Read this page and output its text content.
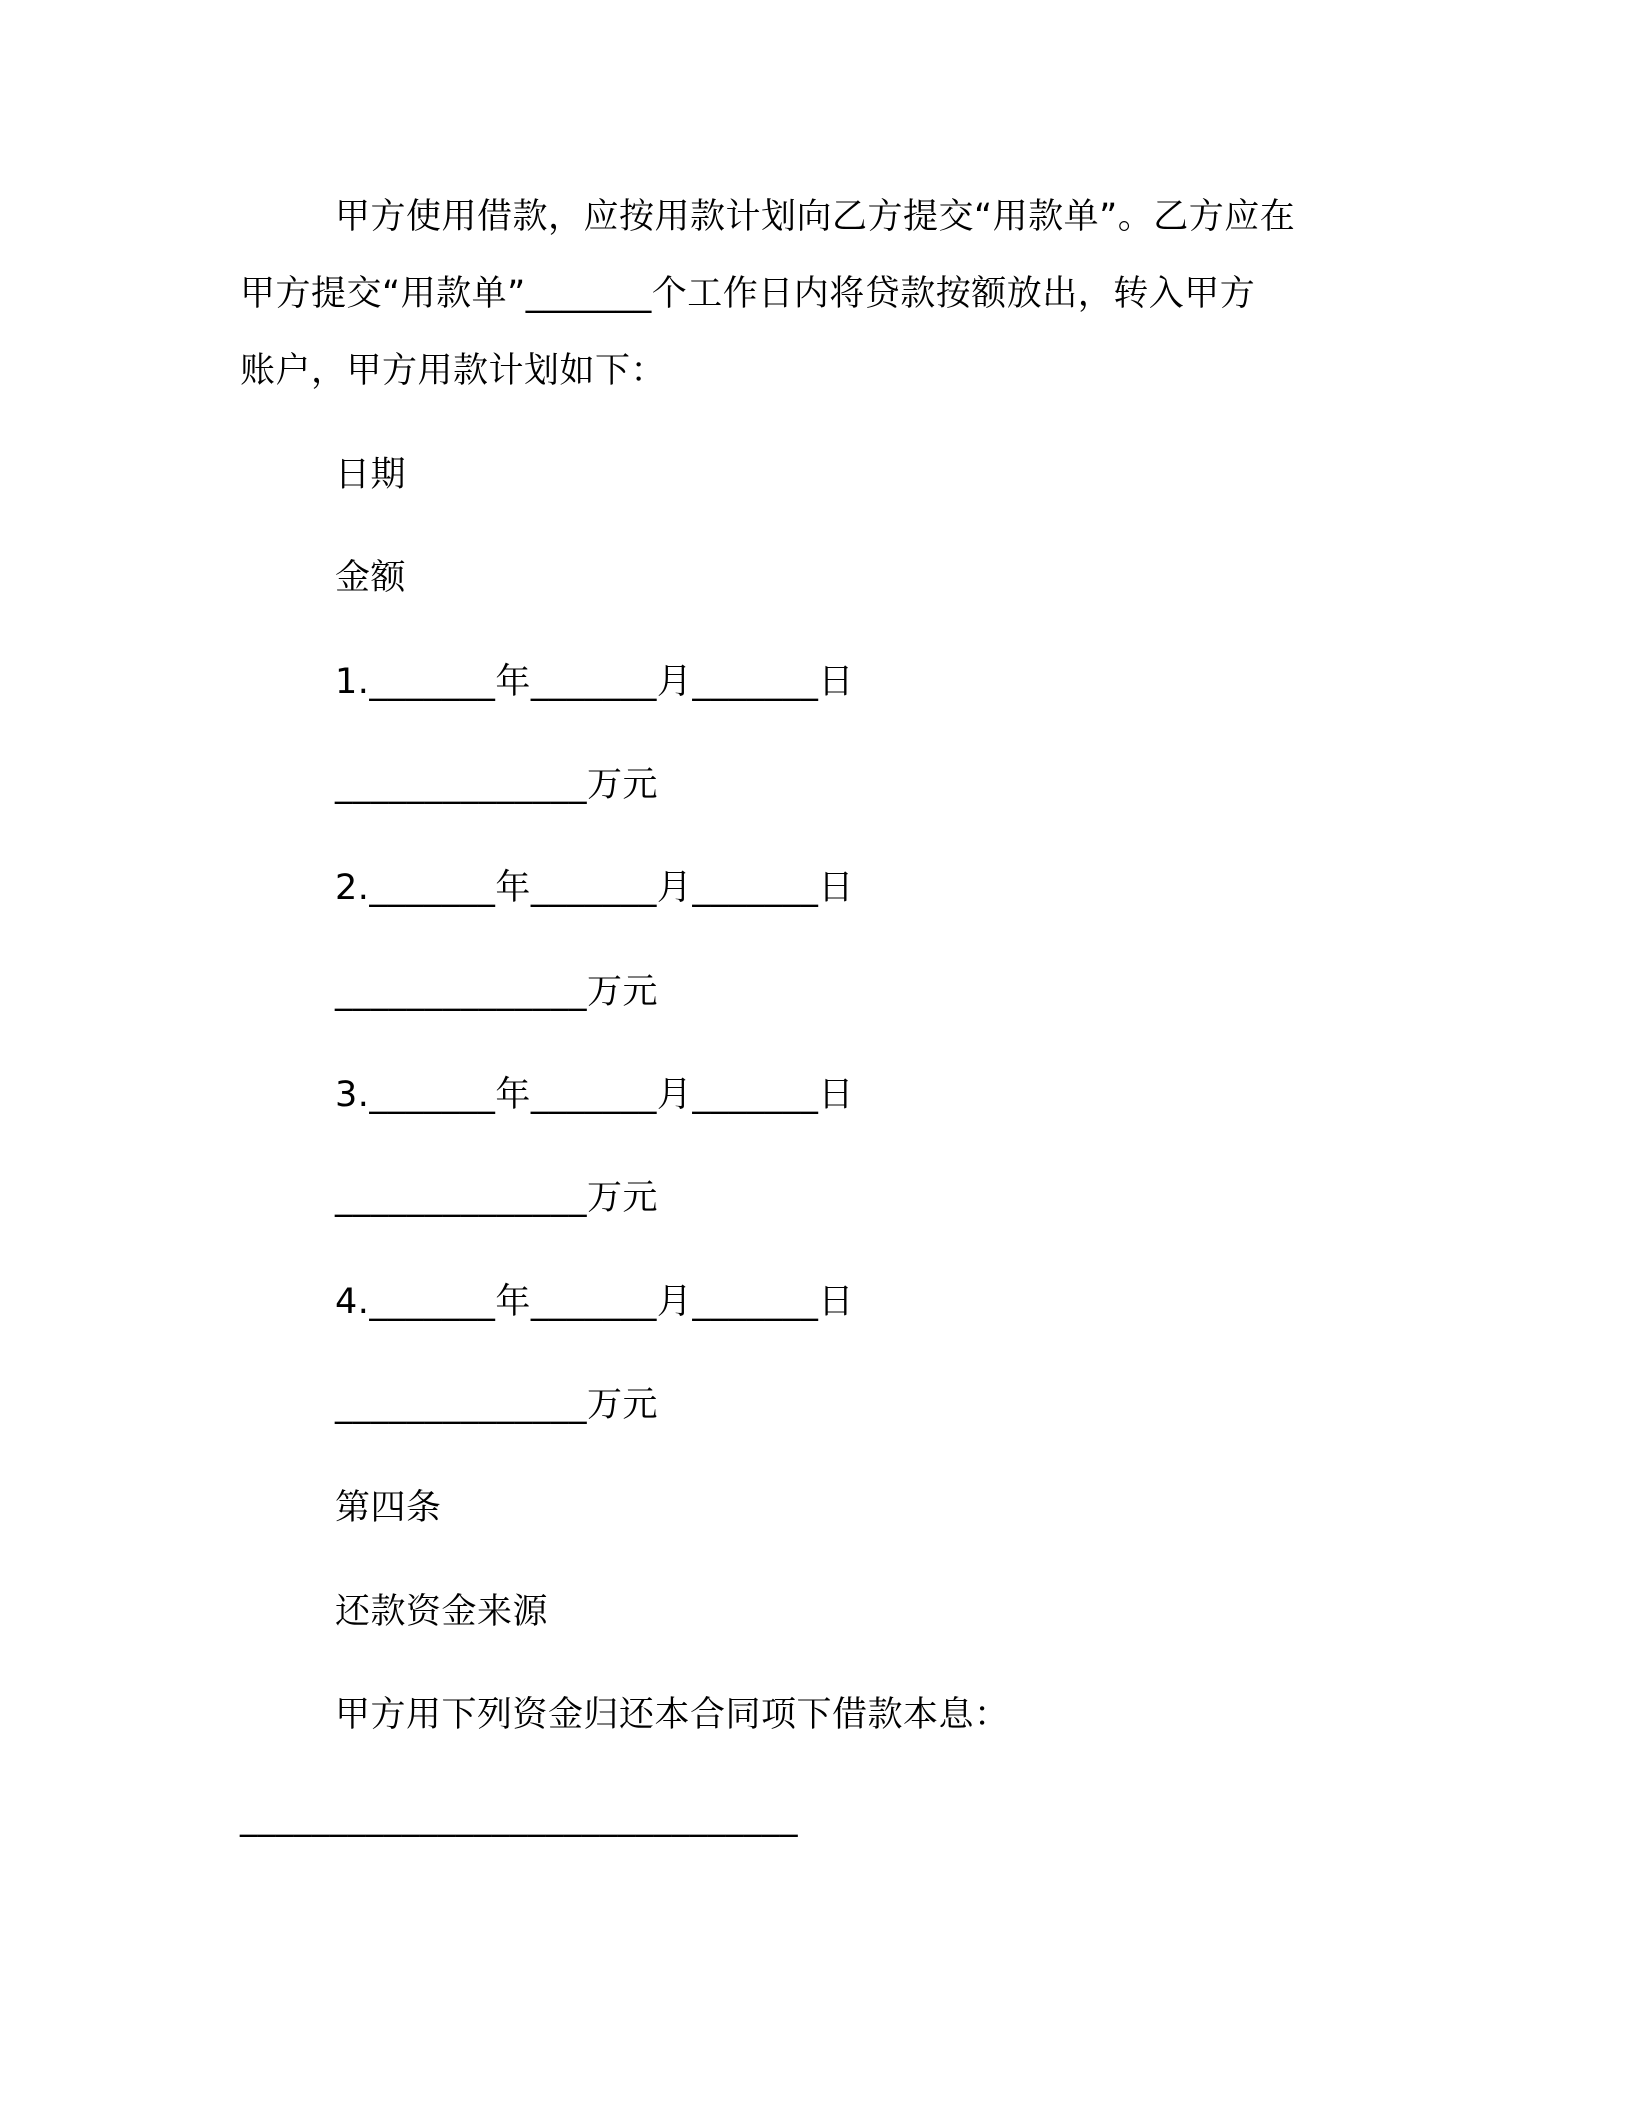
甲方使用借款，应按用款计划向乙方提交“用款单”。乙方应在

甲方提交“用款单”_______个工作日内将贷款按额放出，转入甲方

账户，甲方用款计划如下：

日期

金额

1._______年_______月_______日

______________万元

2._______年_______月_______日

______________万元

3._______年_______月_______日

______________万元

4._______年_______月_______日

______________万元

第四条

还款资金来源

甲方用下列资金归还本合同项下借款本息：

_______________________________
